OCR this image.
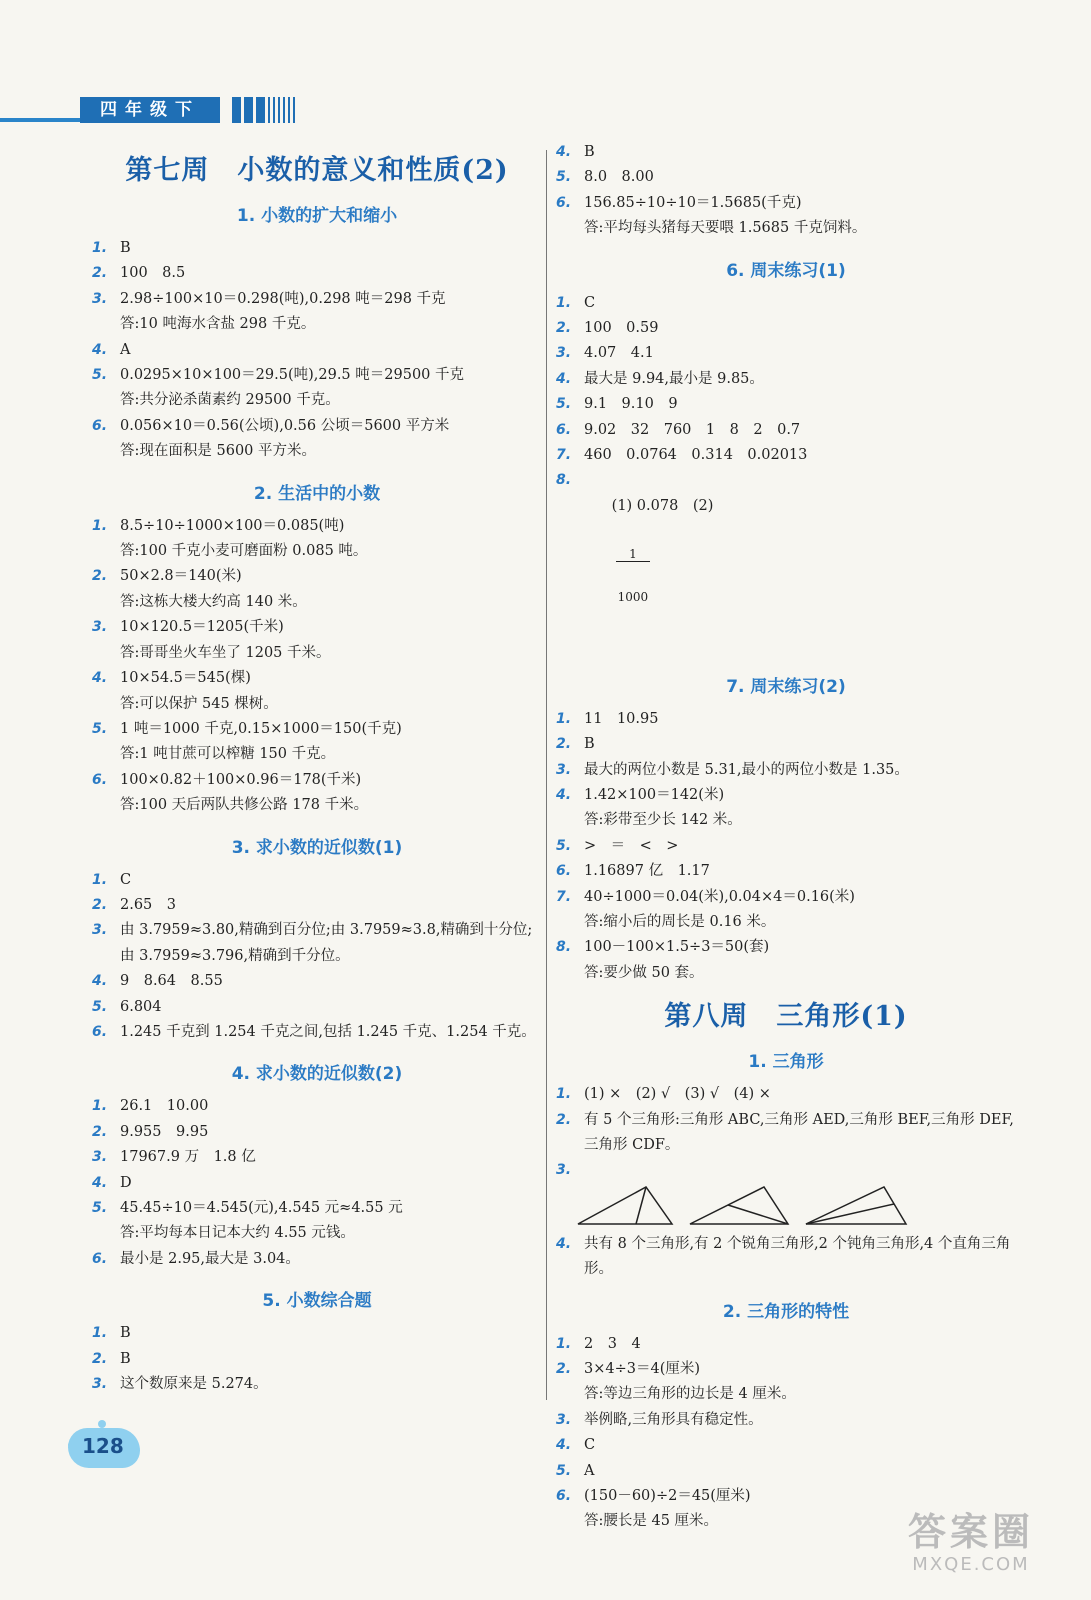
四年级下
第七周　小数的意义和性质(2)
1. 小数的扩大和缩小
1. B
2. 100　8.5
3. 2.98÷100×10＝0.298(吨),0.298 吨＝298 千克
答:10 吨海水含盐 298 千克。
4. A
5. 0.0295×10×100＝29.5(吨),29.5 吨＝29500 千克
答:共分泌杀菌素约 29500 千克。
6. 0.056×10＝0.56(公顷),0.56 公顷＝5600 平方米
答:现在面积是 5600 平方米。
2. 生活中的小数
1. 8.5÷10÷1000×100＝0.085(吨)
答:100 千克小麦可磨面粉 0.085 吨。
2. 50×2.8＝140(米)
答:这栋大楼大约高 140 米。
3. 10×120.5＝1205(千米)
答:哥哥坐火车坐了 1205 千米。
4. 10×54.5＝545(棵)
答:可以保护 545 棵树。
5. 1 吨＝1000 千克,0.15×1000＝150(千克)
答:1 吨甘蔗可以榨糖 150 千克。
6. 100×0.82＋100×0.96＝178(千米)
答:100 天后两队共修公路 178 千米。
3. 求小数的近似数(1)
1. C
2. 2.65　3
3. 由 3.7959≈3.80,精确到百分位;由 3.7959≈3.8,精确到十分位;由 3.7959≈3.796,精确到千分位。
4. 9　8.64　8.55
5. 6.804
6. 1.245 千克到 1.254 千克之间,包括 1.245 千克、1.254 千克。
4. 求小数的近似数(2)
1. 26.1　10.00
2. 9.955　9.95
3. 17967.9 万　1.8 亿
4. D
5. 45.45÷10＝4.545(元),4.545 元≈4.55 元
答:平均每本日记本大约 4.55 元钱。
6. 最小是 2.95,最大是 3.04。
5. 小数综合题
1. B
2. B
3. 这个数原来是 5.274。
4. B
5. 8.0　8.00
6. 156.85÷10÷10＝1.5685(千克)
答:平均每头猪每天要喂 1.5685 千克饲料。
6. 周末练习(1)
1. C
2. 100　0.59
3. 4.07　4.1
4. 最大是 9.94,最小是 9.85。
5. 9.1　9.10　9
6. 9.02　32　760　1　8　2　0.7
7. 460　0.0764　0.314　0.02013
8.

(1) 0.078　 (2)

$\frac{1}{1000}$

7. 周末练习(2)
1. 11　10.95
2. B
3. 最大的两位小数是 5.31,最小的两位小数是 1.35。
4. 1.42×100＝142(米)
答:彩带至少长 142 米。
5. >　＝　<　>
6. 1.16897 亿　1.17
7. 40÷1000＝0.04(米),0.04×4＝0.16(米)
答:缩小后的周长是 0.16 米。
8. 100－100×1.5÷3＝50(套)
答:要少做 50 套。
第八周　三角形(1)
1. 三角形
1. (1) ×　(2) √　(3) √　(4) ×
2. 有 5 个三角形:三角形 ABC,三角形 AED,三角形 BEF,三角形 DEF,三角形 CDF。
3.
4. 共有 8 个三角形,有 2 个锐角三角形,2 个钝角三角形,4 个直角三角形。
2. 三角形的特性
1. 2　3　4
2. 3×4÷3＝4(厘米)
答:等边三角形的边长是 4 厘米。
3. 举例略,三角形具有稳定性。
4. C
5. A
6. (150－60)÷2＝45(厘米)
答:腰长是 45 厘米。
128
答案圈
MXQE.COM
